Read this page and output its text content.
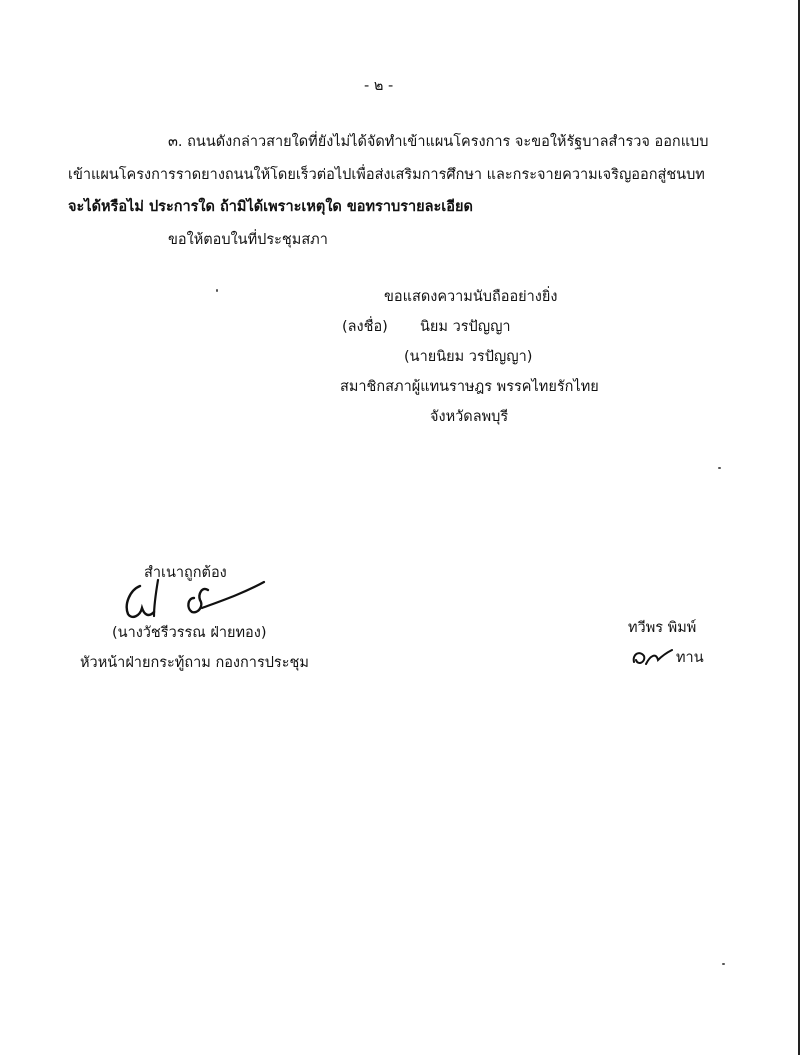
- ๒ -
๓. ถนนดังกล่าวสายใดที่ยังไม่ได้จัดทำเข้าแผนโครงการ จะขอให้รัฐบาลสำรวจ ออกแบบ
เข้าแผนโครงการราดยางถนนให้โดยเร็วต่อไปเพื่อส่งเสริมการศึกษา และกระจายความเจริญออกสู่ชนบท
จะได้หรือไม่ ประการใด ถ้ามิได้เพราะเหตุใด ขอทราบรายละเอียด
ขอให้ตอบในที่ประชุมสภา
ขอแสดงความนับถืออย่างยิ่ง
(ลงชื่อ) นิยม วรปัญญา
(นายนิยม วรปัญญา)
สมาชิกสภาผู้แทนราษฎร พรรคไทยรักไทย
จังหวัดลพบุรี
สำเนาถูกต้อง
(นางวัชรีวรรณ ฝ่ายทอง)
หัวหน้าฝ่ายกระทู้ถาม กองการประชุม
ทวีพร พิมพ์
ทาน
